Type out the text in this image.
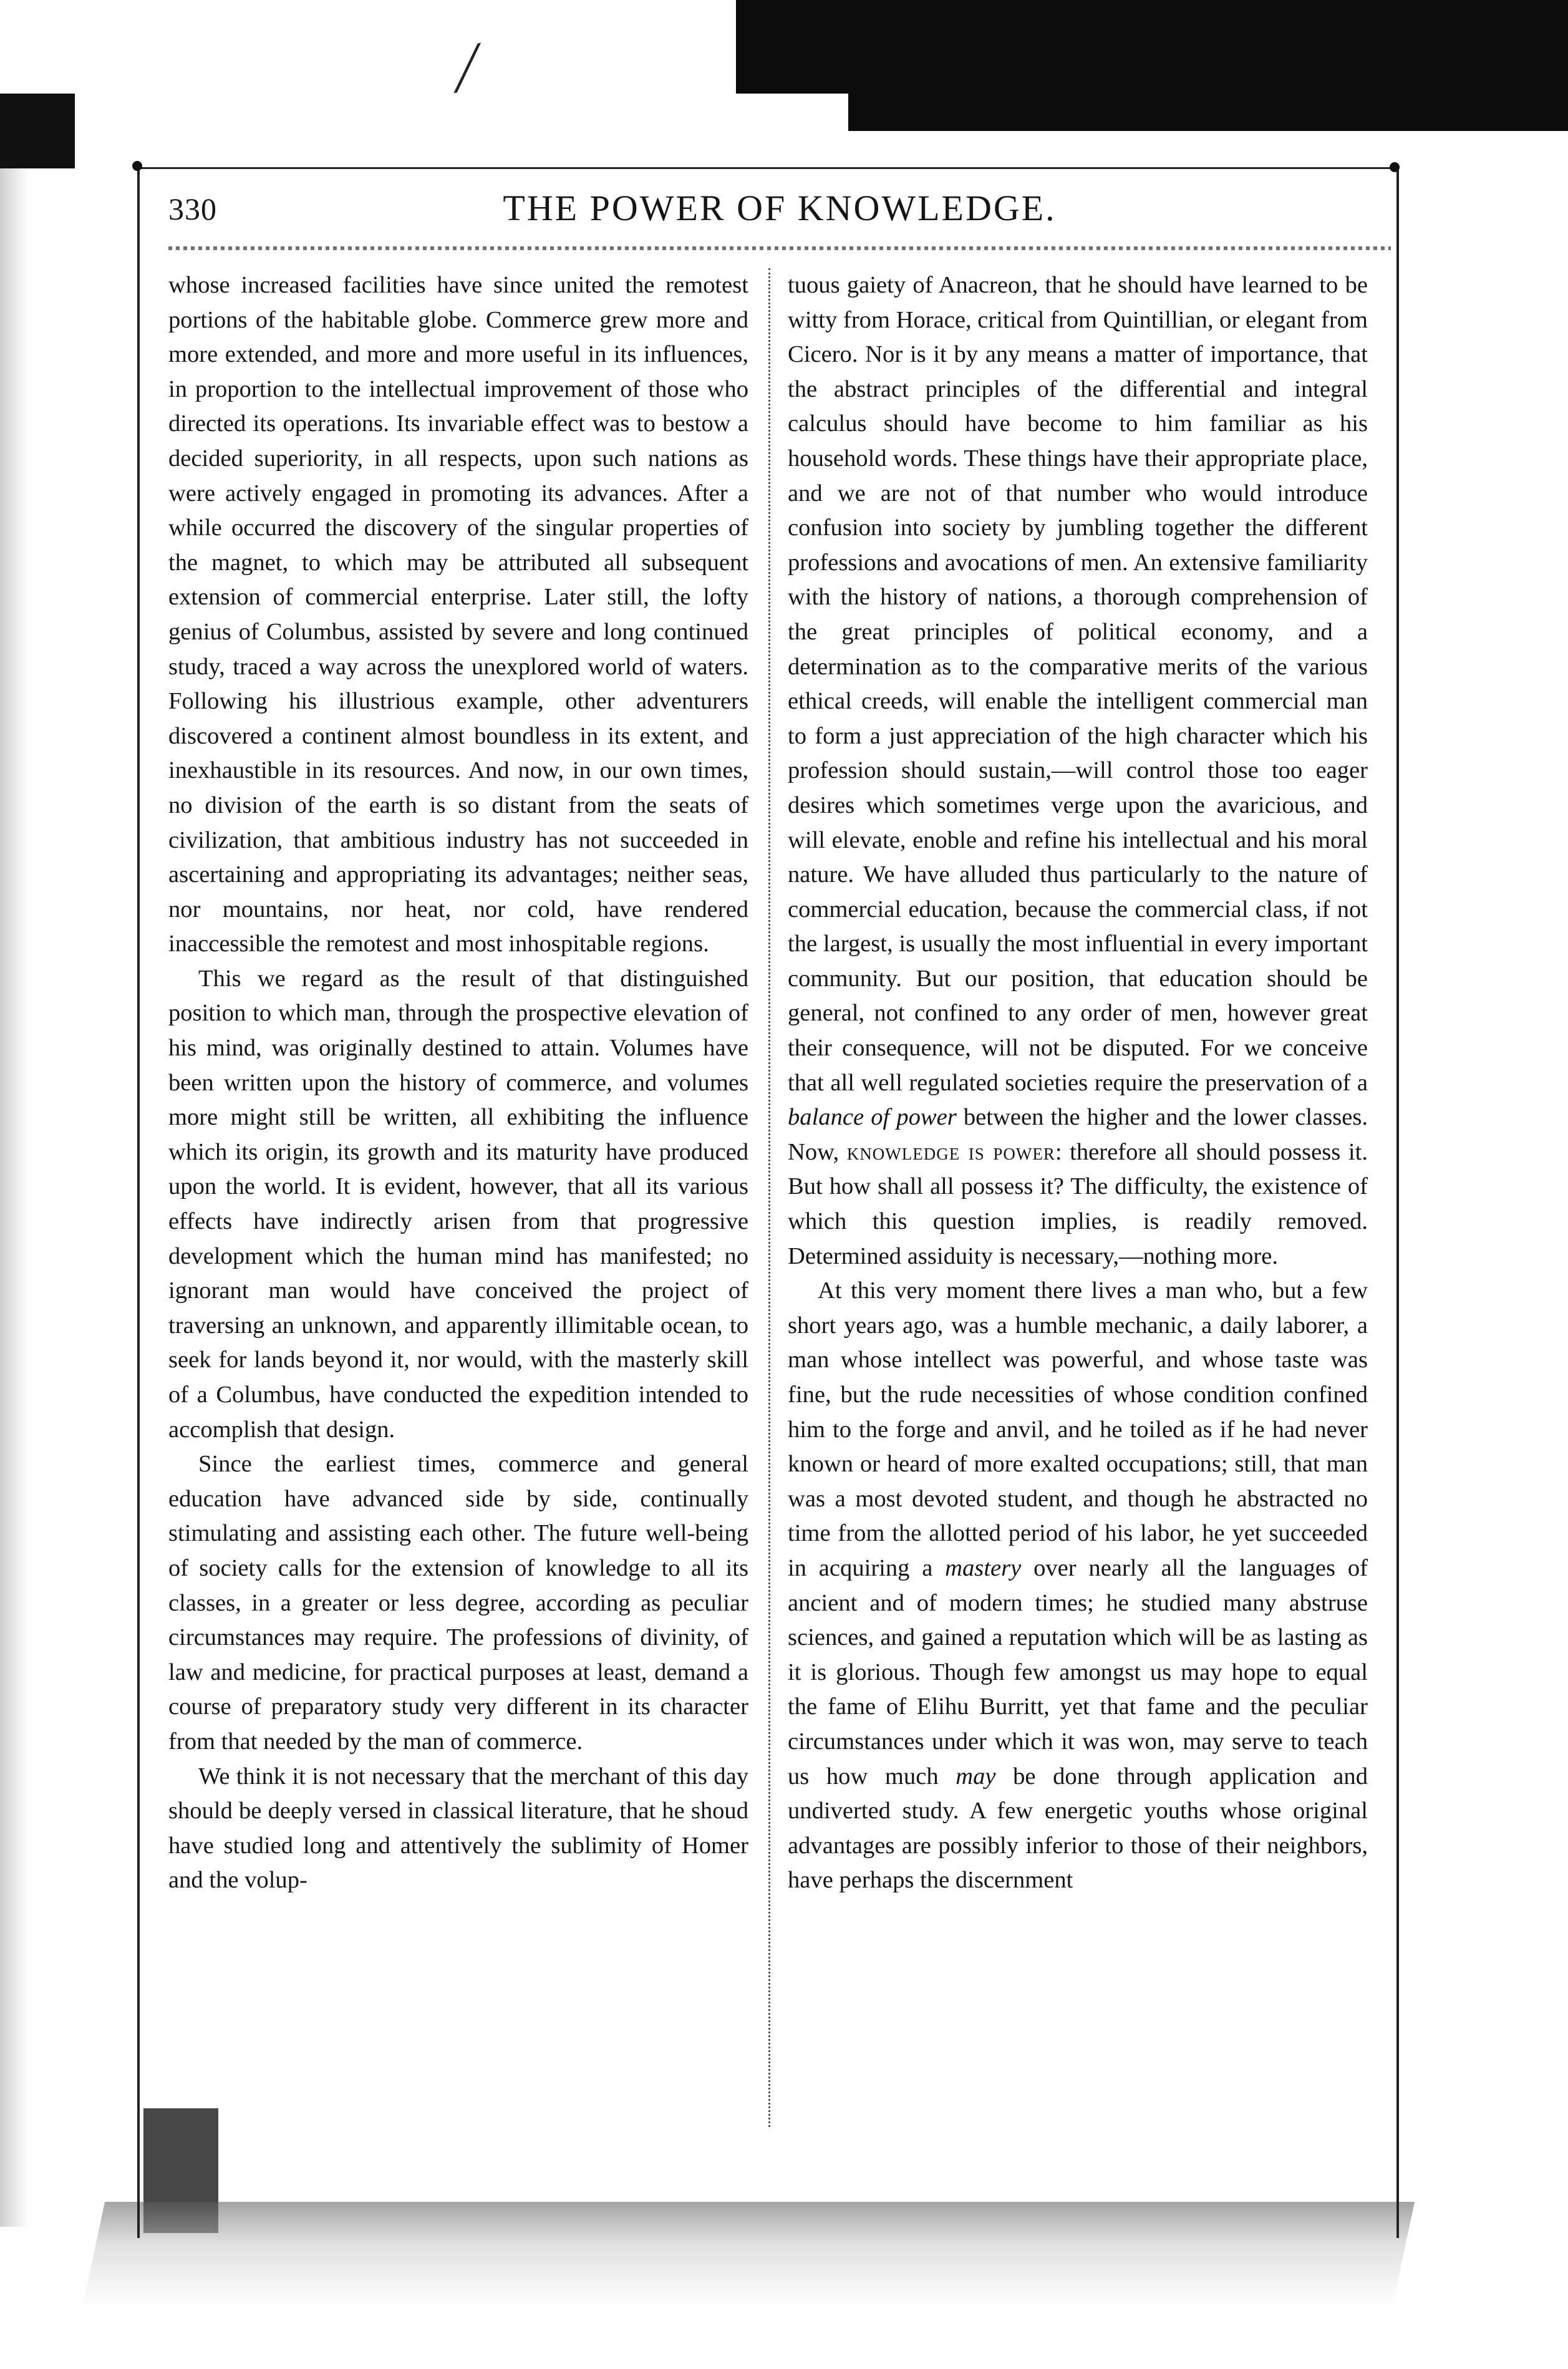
⁄
330	THE POWER OF KNOWLEDGE.

whose increased facilities have since united the remotest portions of the habitable globe. Commerce grew more and more extended, and more and more useful in its influences, in proportion to the intellectual improvement of those who directed its operations. Its invariable effect was to bestow a decided superiority, in all respects, upon such nations as were actively engaged in promoting its advances. After a while occurred the discovery of the singular properties of the magnet, to which may be attributed all subsequent extension of commercial enterprise. Later still, the lofty genius of Columbus, assisted by severe and long continued study, traced a way across the unexplored world of waters. Following his illustrious example, other adventurers discovered a continent almost boundless in its extent, and inexhaustible in its resources. And now, in our own times, no division of the earth is so distant from the seats of civilization, that ambitious industry has not succeeded in ascertaining and appropriating its advantages; neither seas, nor mountains, nor heat, nor cold, have rendered inaccessible the remotest and most inhospitable regions.

This we regard as the result of that distinguished position to which man, through the prospective elevation of his mind, was originally destined to attain. Volumes have been written upon the history of commerce, and volumes more might still be written, all exhibiting the influence which its origin, its growth and its maturity have produced upon the world. It is evident, however, that all its various effects have indirectly arisen from that progressive development which the human mind has manifested; no ignorant man would have conceived the project of traversing an unknown, and apparently illimitable ocean, to seek for lands beyond it, nor would, with the masterly skill of a Columbus, have conducted the expedition intended to accomplish that design.

Since the earliest times, commerce and general education have advanced side by side, continually stimulating and assisting each other. The future well-being of society calls for the extension of knowledge to all its classes, in a greater or less degree, according as peculiar circumstances may require. The professions of divinity, of law and medicine, for practical purposes at least, demand a course of preparatory study very different in its character from that needed by the man of commerce.

We think it is not necessary that the merchant of this day should be deeply versed in classical literature, that he shoud have studied long and attentively the sublimity of Homer and the volup-

tuous gaiety of Anacreon, that he should have learned to be witty from Horace, critical from Quintillian, or elegant from Cicero. Nor is it by any means a matter of importance, that the abstract principles of the differential and integral calculus should have become to him familiar as his household words. These things have their appropriate place, and we are not of that number who would introduce confusion into society by jumbling together the different professions and avocations of men. An extensive familiarity with the history of nations, a thorough comprehension of the great principles of political economy, and a determination as to the comparative merits of the various ethical creeds, will enable the intelligent commercial man to form a just appreciation of the high character which his profession should sustain,—will control those too eager desires which sometimes verge upon the avaricious, and will elevate, enoble and refine his intellectual and his moral nature. We have alluded thus particularly to the nature of commercial education, because the commercial class, if not the largest, is usually the most influential in every important community. But our position, that education should be general, not confined to any order of men, however great their consequence, will not be disputed. For we conceive that all well regulated societies require the preservation of a balance of power between the higher and the lower classes. Now, knowledge is power: therefore all should possess it. But how shall all possess it? The difficulty, the existence of which this question implies, is readily removed. Determined assiduity is necessary,—nothing more.

At this very moment there lives a man who, but a few short years ago, was a humble mechanic, a daily laborer, a man whose intellect was powerful, and whose taste was fine, but the rude necessities of whose condition confined him to the forge and anvil, and he toiled as if he had never known or heard of more exalted occupations; still, that man was a most devoted student, and though he abstracted no time from the allotted period of his labor, he yet succeeded in acquiring a mastery over nearly all the languages of ancient and of modern times; he studied many abstruse sciences, and gained a reputation which will be as lasting as it is glorious. Though few amongst us may hope to equal the fame of Elihu Burritt, yet that fame and the peculiar circumstances under which it was won, may serve to teach us how much may be done through application and undiverted study. A few energetic youths whose original advantages are possibly inferior to those of their neighbors, have perhaps the discernment
